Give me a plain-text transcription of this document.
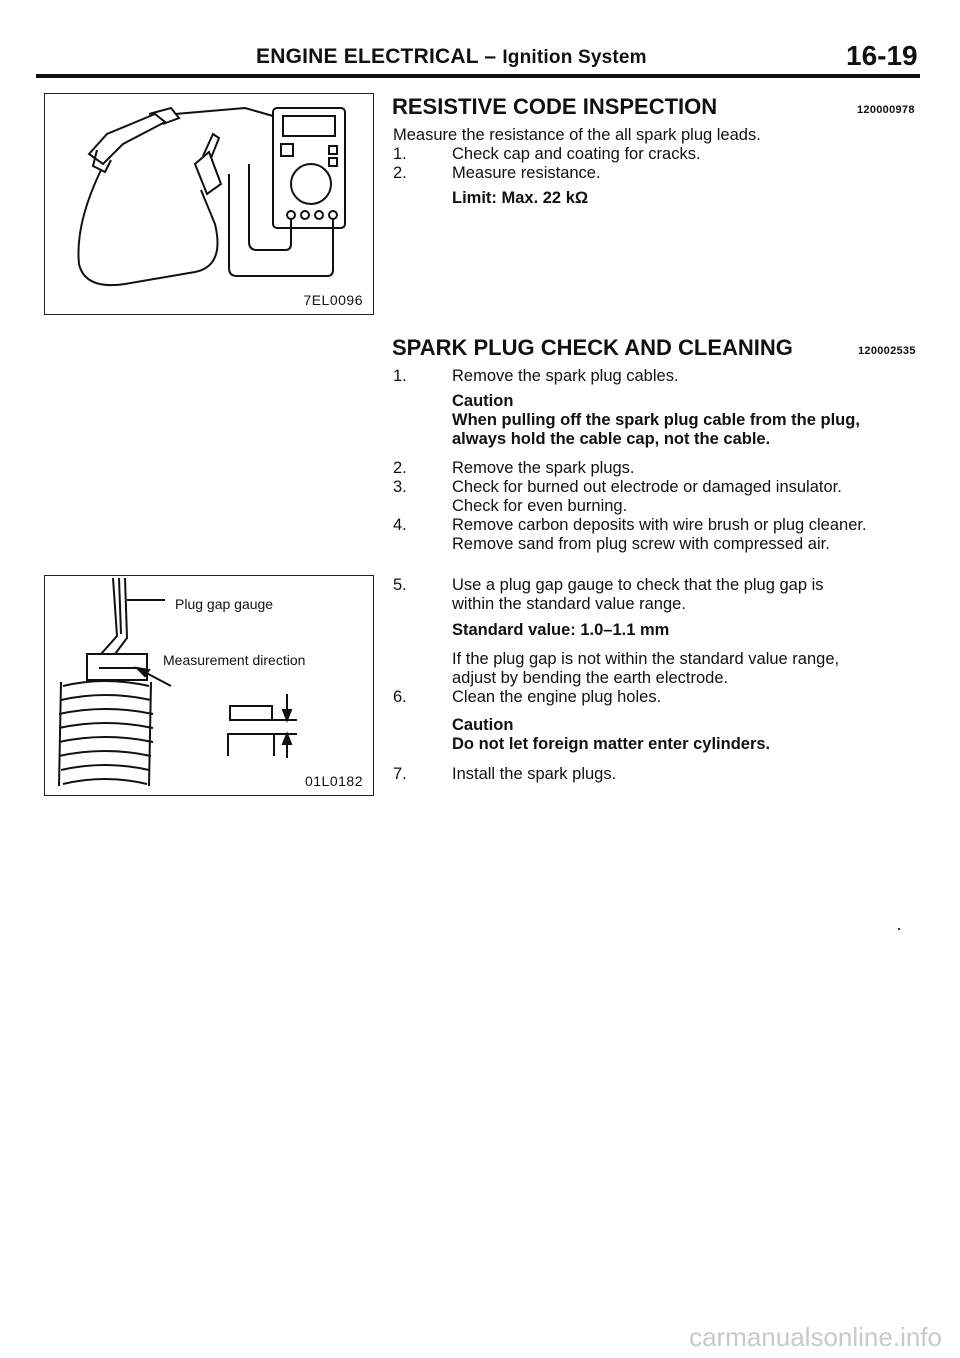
ENGINE ELECTRICAL – Ignition System	16-19
7EL0096
Plug gap gauge
Measurement direction
01L0182
RESISTIVE CODE INSPECTION	120000978
Measure the resistance of the all spark plug leads.
1.	Check cap and coating for cracks.
2.	Measure resistance.
Limit: Max. 22 kΩ
SPARK PLUG CHECK AND CLEANING	120002535
1.	Remove the spark plug cables.
Caution
When pulling off the spark plug cable from the plug,
always hold the cable cap, not the cable.
2.	Remove the spark plugs.
3.	Check for burned out electrode or damaged insulator.
Check for even burning.
4.	Remove carbon deposits with wire brush or plug cleaner.
Remove sand from plug screw with compressed air.
5.	Use a plug gap gauge to check that the plug gap is
within the standard value range.
Standard value: 1.0–1.1 mm
If the plug gap is not within the standard value range,
adjust by bending the earth electrode.
6.	Clean the engine plug holes.
Caution
Do not let foreign matter enter cylinders.
7.	Install the spark plugs.
carmanualsonline.info
